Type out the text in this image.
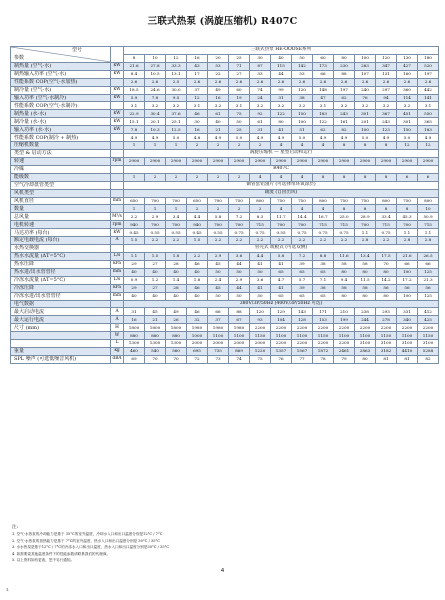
三联式热泵 (涡旋压缩机) R407C
型号
参数		三联式热泵 HE-OOOSE系列														
		8	10	12	16	20	25	30	40	50	60	80	100	120	130	180
制热量 (空气-水)	kW	21.6	27.8	33.3	43	53	71	87	115	142	173	230	283	347	427	520
制热输入功率 (空气-水)	kW	8.4	10.5	13.1	17	22	27	33	44	53	66	88	107	131	160	197
性能系数 COP(空气-水加热)		2.6	2.6	2.5	2.6	2.6	2.6	2.6	2.6	2.6	2.6	2.6	2.6	2.6	2.6	2.6
制冷量 (空气-水)	kW	18.5	24.6	30.0	37	49	60	74	99	120	148	197	240	297	360	442
输入功率 (空气-水制冷)	kW	5.9	7.8	9.5	12	16	19	24	31	38	47	62	76	94	114	141
性能系数 COP(空气-水制冷)		3.1	3.2	3.2	3.1	3.2	3.1	3.2	3.2	3.2	3.1	3.2	3.2	3.2	3.2	3.1
制热量 (水-水)	kW	22.9	30.4	37.6	46	61	75	92	122	150	183	243	301	367	451	550
制冷量 (水-水)	kW	15.1	20.1	25.1	30	40	50	61	80	100	122	161	201	243	301	365
输入功率 (水-水)	kW	7.8	10.3	12.5	16	21	25	31	41	51	62	82	100	123	150	183
性能系数 COP(制冷 + 制热)		4.9	4.9	5.0	4.8	4.9	5.0	4.9	4.9	5.0	4.9	4.9	5.0	4.9	5.0	4.9
压缩机数量		1	1	1	2	2	2	2	4	4	4	8	8	8	12	12
类型 & 启动方法		涡旋压缩机 — 星型启动和运行														
转速	rpm	2900	2900	2900	2900	2900	2900	2900	2900	2900	2900	2900	2900	2900	2900	2900
冷媒		R407C														
能级数		1	2	2	2	2	2	4	4	4	8	8	8	8	6	6
空气冷却盘管类型		铜管套铝翅片 (可选择带环氧涂层)														
风机类型		轴流 (自由出风)														
风机直径	mm	650	700	700	650	700	750	800	750	750	800	750	750	800	750	800
数量		1	1	1	2	2	2	2	4	4	4	8	8	8	8	10
总风量	M³/s	2.2	2.9	3.4	4.4	5.8	7.2	8.3	11.7	14.4	16.7	25.0	28.9	33.4	45.3	50.9
电机转速	rpm	940	700	700	940	700	700	715	700	700	715	715	700	715	700	715
马达功率 (每台)	kW	0.45	0.55	0.55	0.45	0.55	0.75	0.75	0.55	0.75	0.75	0.75	1.1	0.75	1.1	1.1
额定电载电流 (每台)	A	1.5	2.2	2.2	1.5	2.2	2.2	2.2	2.2	2.2	2.2	2.2	2.8	2.2	2.8	2.8
水热交换器		管壳式 或板式 (可选双侧)														
热水水流量 (ΔT=5°C)	L/s	1.1	1.5	1.8	2.2	2.9	3.6	4.4	5.8	7.2	8.8	11.6	13.4	17.5	21.6	26.5
热水压降	kPa	29	27	28	46	45	44	41	41	39	38	58	58	70	66	66
热水进/出水管管径	mm	40	40	40	40	50	50	50	65	65	65	80	80	80	100	125
冷冻水流量 (ΔT=5°C)	L/s	0.9	1.2	1.4	1.8	2.4	2.9	3.6	4.7	5.7	7.1	9.4	11.5	14.2	17.2	21.3
冷冻压降	kPa	29	27	28	46	45	44	41	41	39	38	58	58	56	56	56
冷冻水进/出水管管径	mm	40	40	40	40	50	50	50	65	65	65	80	80	80	100	125
电气数据		380V/3P/50Hz (400V/3P/50Hz 可选)														
最大启动电流	A	31	45	49	46	66	88	120	129	143	171	210	238	293	331	412
最大运行电流	A	16	21	26	32	37	67	93	104	128	153	199	244	278	340	425
尺寸 (mm)	H	1800	1800	1800	1980	1980	1980	2200	2200	2200	2200	2200	2200	2200	2200	2200
	W	880	880	880	1000	1100	1100	1150	1100	1100	1150	1100	1100	1150	1100	1150
	L	1300	1300	1300	2000	2000	2000	2000	2200	2200	2200	2200	3100	3100	3100	3100
重量	kg	460	540	560	695	735	869	1220	1357	1567	1872	2461	2863	3182	4410	5288
SPL 噪声 (可选低噪音风机)	dBA	69	70	70	72	73	74	75	76	77	78	79	80	81	81	82
注:
1. 空气-水热泵的冷却能力是基于 35°C的室外温度，冷却水入口和出口温度分别是12°C / 7°C
2. 空气-水热泵的加热能力是基于 7°C的室外温度，热水入口和出口温度分别是 30°C / 35°C
3. 水水热泵是基于12°C / 7°C的冷冻水入口和出口温度，热水入口和出口温度分别是30°C / 35°C
4. 如需要索其他温度条件下的性能参数请联系我们的代理商。
5. 以上资料如有更改，恕不另行通知。
4
1.
